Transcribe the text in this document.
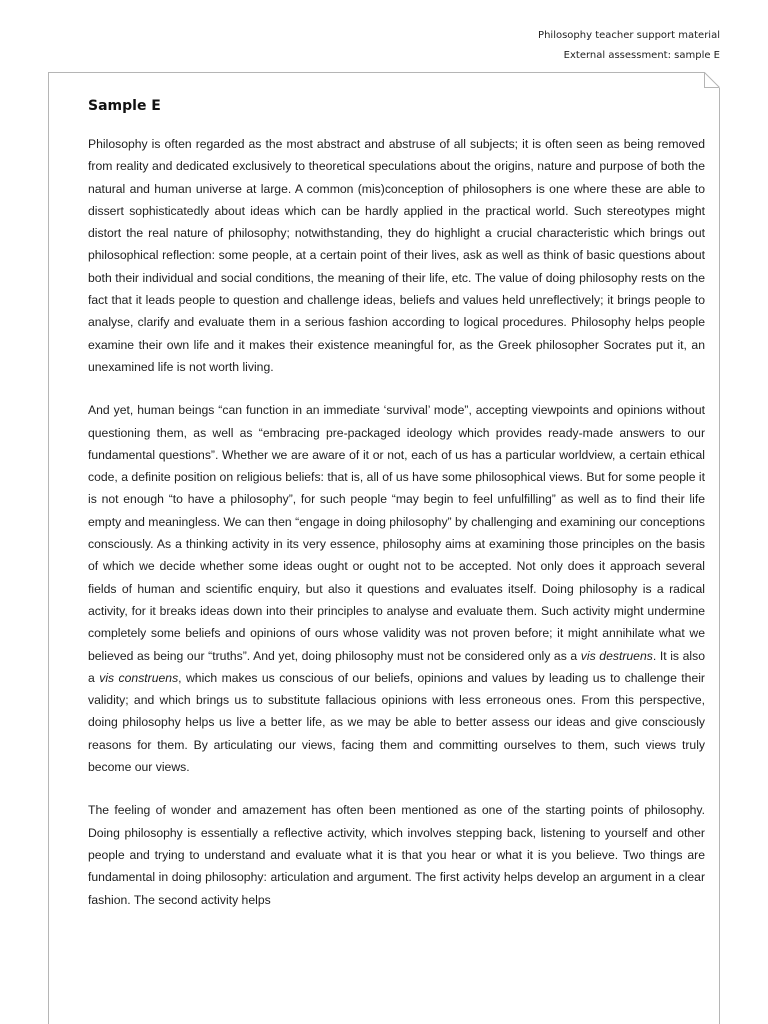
Philosophy teacher support material
External assessment: sample E
Sample E

Philosophy is often regarded as the most abstract and abstruse of all subjects; it is often seen as being removed from reality and dedicated exclusively to theoretical speculations about the origins, nature and purpose of both the natural and human universe at large. A common (mis)conception of philosophers is one where these are able to dissert sophisticatedly about ideas which can be hardly applied in the practical world. Such stereotypes might distort the real nature of philosophy; notwithstanding, they do highlight a crucial characteristic which brings out philosophical reflection: some people, at a certain point of their lives, ask as well as think of basic questions about both their individual and social conditions, the meaning of their life, etc. The value of doing philosophy rests on the fact that it leads people to question and challenge ideas, beliefs and values held unreflectively; it brings people to analyse, clarify and evaluate them in a serious fashion according to logical procedures. Philosophy helps people examine their own life and it makes their existence meaningful for, as the Greek philosopher Socrates put it, an unexamined life is not worth living.

And yet, human beings “can function in an immediate ‘survival’ mode”, accepting viewpoints and opinions without questioning them, as well as “embracing pre-packaged ideology which provides ready-made answers to our fundamental questions”. Whether we are aware of it or not, each of us has a particular worldview, a certain ethical code, a definite position on religious beliefs: that is, all of us have some philosophical views. But for some people it is not enough “to have a philosophy”, for such people “may begin to feel unfulfilling” as well as to find their life empty and meaningless. We can then “engage in doing philosophy” by challenging and examining our conceptions consciously. As a thinking activity in its very essence, philosophy aims at examining those principles on the basis of which we decide whether some ideas ought or ought not to be accepted. Not only does it approach several fields of human and scientific enquiry, but also it questions and evaluates itself. Doing philosophy is a radical activity, for it breaks ideas down into their principles to analyse and evaluate them. Such activity might undermine completely some beliefs and opinions of ours whose validity was not proven before; it might annihilate what we believed as being our “truths”. And yet, doing philosophy must not be considered only as a vis destruens. It is also a vis construens, which makes us conscious of our beliefs, opinions and values by leading us to challenge their validity; and which brings us to substitute fallacious opinions with less erroneous ones. From this perspective, doing philosophy helps us live a better life, as we may be able to better assess our ideas and give consciously reasons for them. By articulating our views, facing them and committing ourselves to them, such views truly become our views.

The feeling of wonder and amazement has often been mentioned as one of the starting points of philosophy. Doing philosophy is essentially a reflective activity, which involves stepping back, listening to yourself and other people and trying to understand and evaluate what it is that you hear or what it is you believe. Two things are fundamental in doing philosophy: articulation and argument. The first activity helps develop an argument in a clear fashion. The second activity helps
